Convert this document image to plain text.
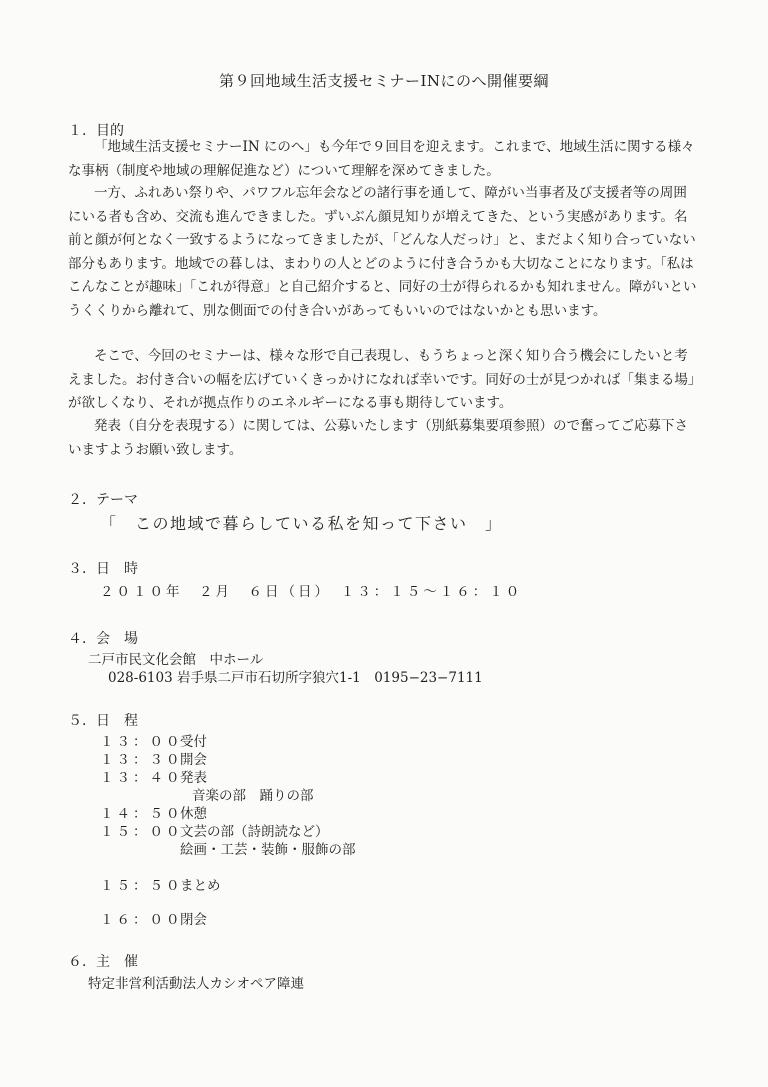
第９回地域生活支援セミナーINにのへ開催要綱
１．目的

「地域生活支援セミナーIN にのへ」も今年で９回目を迎えます。これまで、地域生活に関する様々な事柄（制度や地域の理解促進など）について理解を深めてきました。

一方、ふれあい祭りや、パワフル忘年会などの諸行事を通して、障がい当事者及び支援者等の周囲にいる者も含め、交流も進んできました。ずいぶん顔見知りが増えてきた、という実感があります。名前と顔が何となく一致するようになってきましたが、「どんな人だっけ」と、まだよく知り合っていない部分もあります。地域での暮しは、まわりの人とどのように付き合うかも大切なことになります。「私はこんなことが趣味」「これが得意」と自己紹介すると、同好の士が得られるかも知れません。障がいというくくりから離れて、別な側面での付き合いがあってもいいのではないかとも思います。

そこで、今回のセミナーは、様々な形で自己表現し、もうちょっと深く知り合う機会にしたいと考えました。お付き合いの幅を広げていくきっかけになれば幸いです。同好の士が見つかれば「集まる場」が欲しくなり、それが拠点作りのエネルギーになる事も期待しています。

発表（自分を表現する）に関しては、公募いたします（別紙募集要項参照）ので奮ってご応募下さいますようお願い致します。

２．テーマ
「　この地域で暮らしている私を知って下さい　」
３．日　時
２０１０年　２月　６日（日）　１３：１５〜１６：１０
４．会　場
二戸市民文化会館　中ホール
028-6103 岩手県二戸市石切所字狼穴1-1　0195−23−7111
５．日　程
１３：００
受付
１３：３０
開会
１３：４０
発表
音楽の部　踊りの部
１４：５０
休憩
１５：００
文芸の部（詩朗読など）
絵画・工芸・装飾・服飾の部
１５：５０
まとめ
１６：００
閉会
６．主　催
特定非営利活動法人カシオペア障連
